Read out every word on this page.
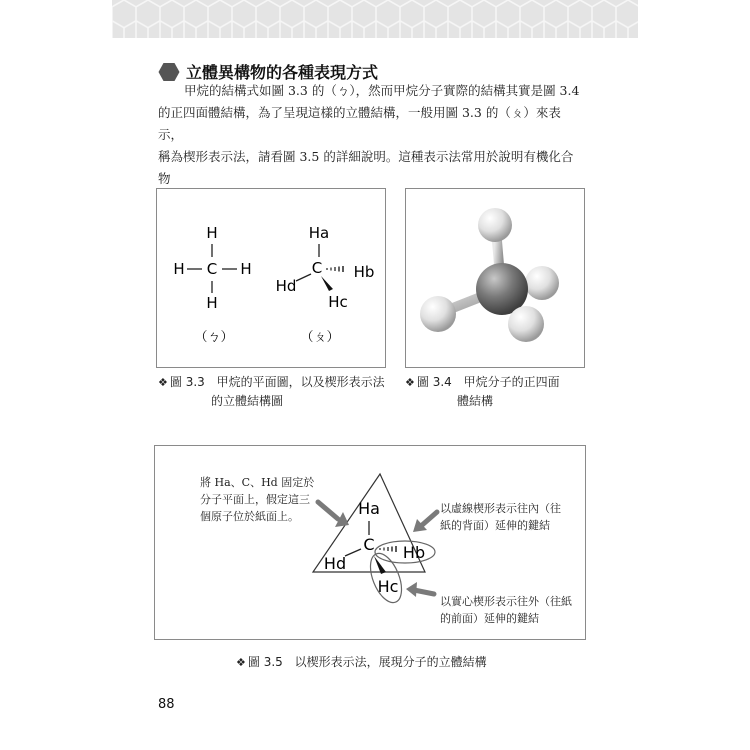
立體異構物的各種表現方式

甲烷的結構式如圖 3.3 的（ㄅ），然而甲烷分子實際的結構其實是圖 3.4

的正四面體結構，為了呈現這樣的立體結構，一般用圖 3.3 的（ㄆ）來表示，

稱為楔形表示法，請看圖 3.5 的詳細說明。這種表示法常用於說明有機化合物

H
H C H
H
Ha
C Hb
Hd
Hc
（ㄅ）	（ㄆ）
❖ 圖 3.3 甲烷的平面圖，以及楔形表示法
的立體結構圖
❖ 圖 3.4 甲烷分子的正四面
體結構
Ha
C
Hd
Hb
Hc
將 Ha、C、Hd 固定於
分子平面上，假定這三
個原子位於紙面上。
以虛線楔形表示往內（往
紙的背面）延伸的鍵結
以實心楔形表示往外（往紙
的前面）延伸的鍵結
❖ 圖 3.5 以楔形表示法，展現分子的立體結構
88
